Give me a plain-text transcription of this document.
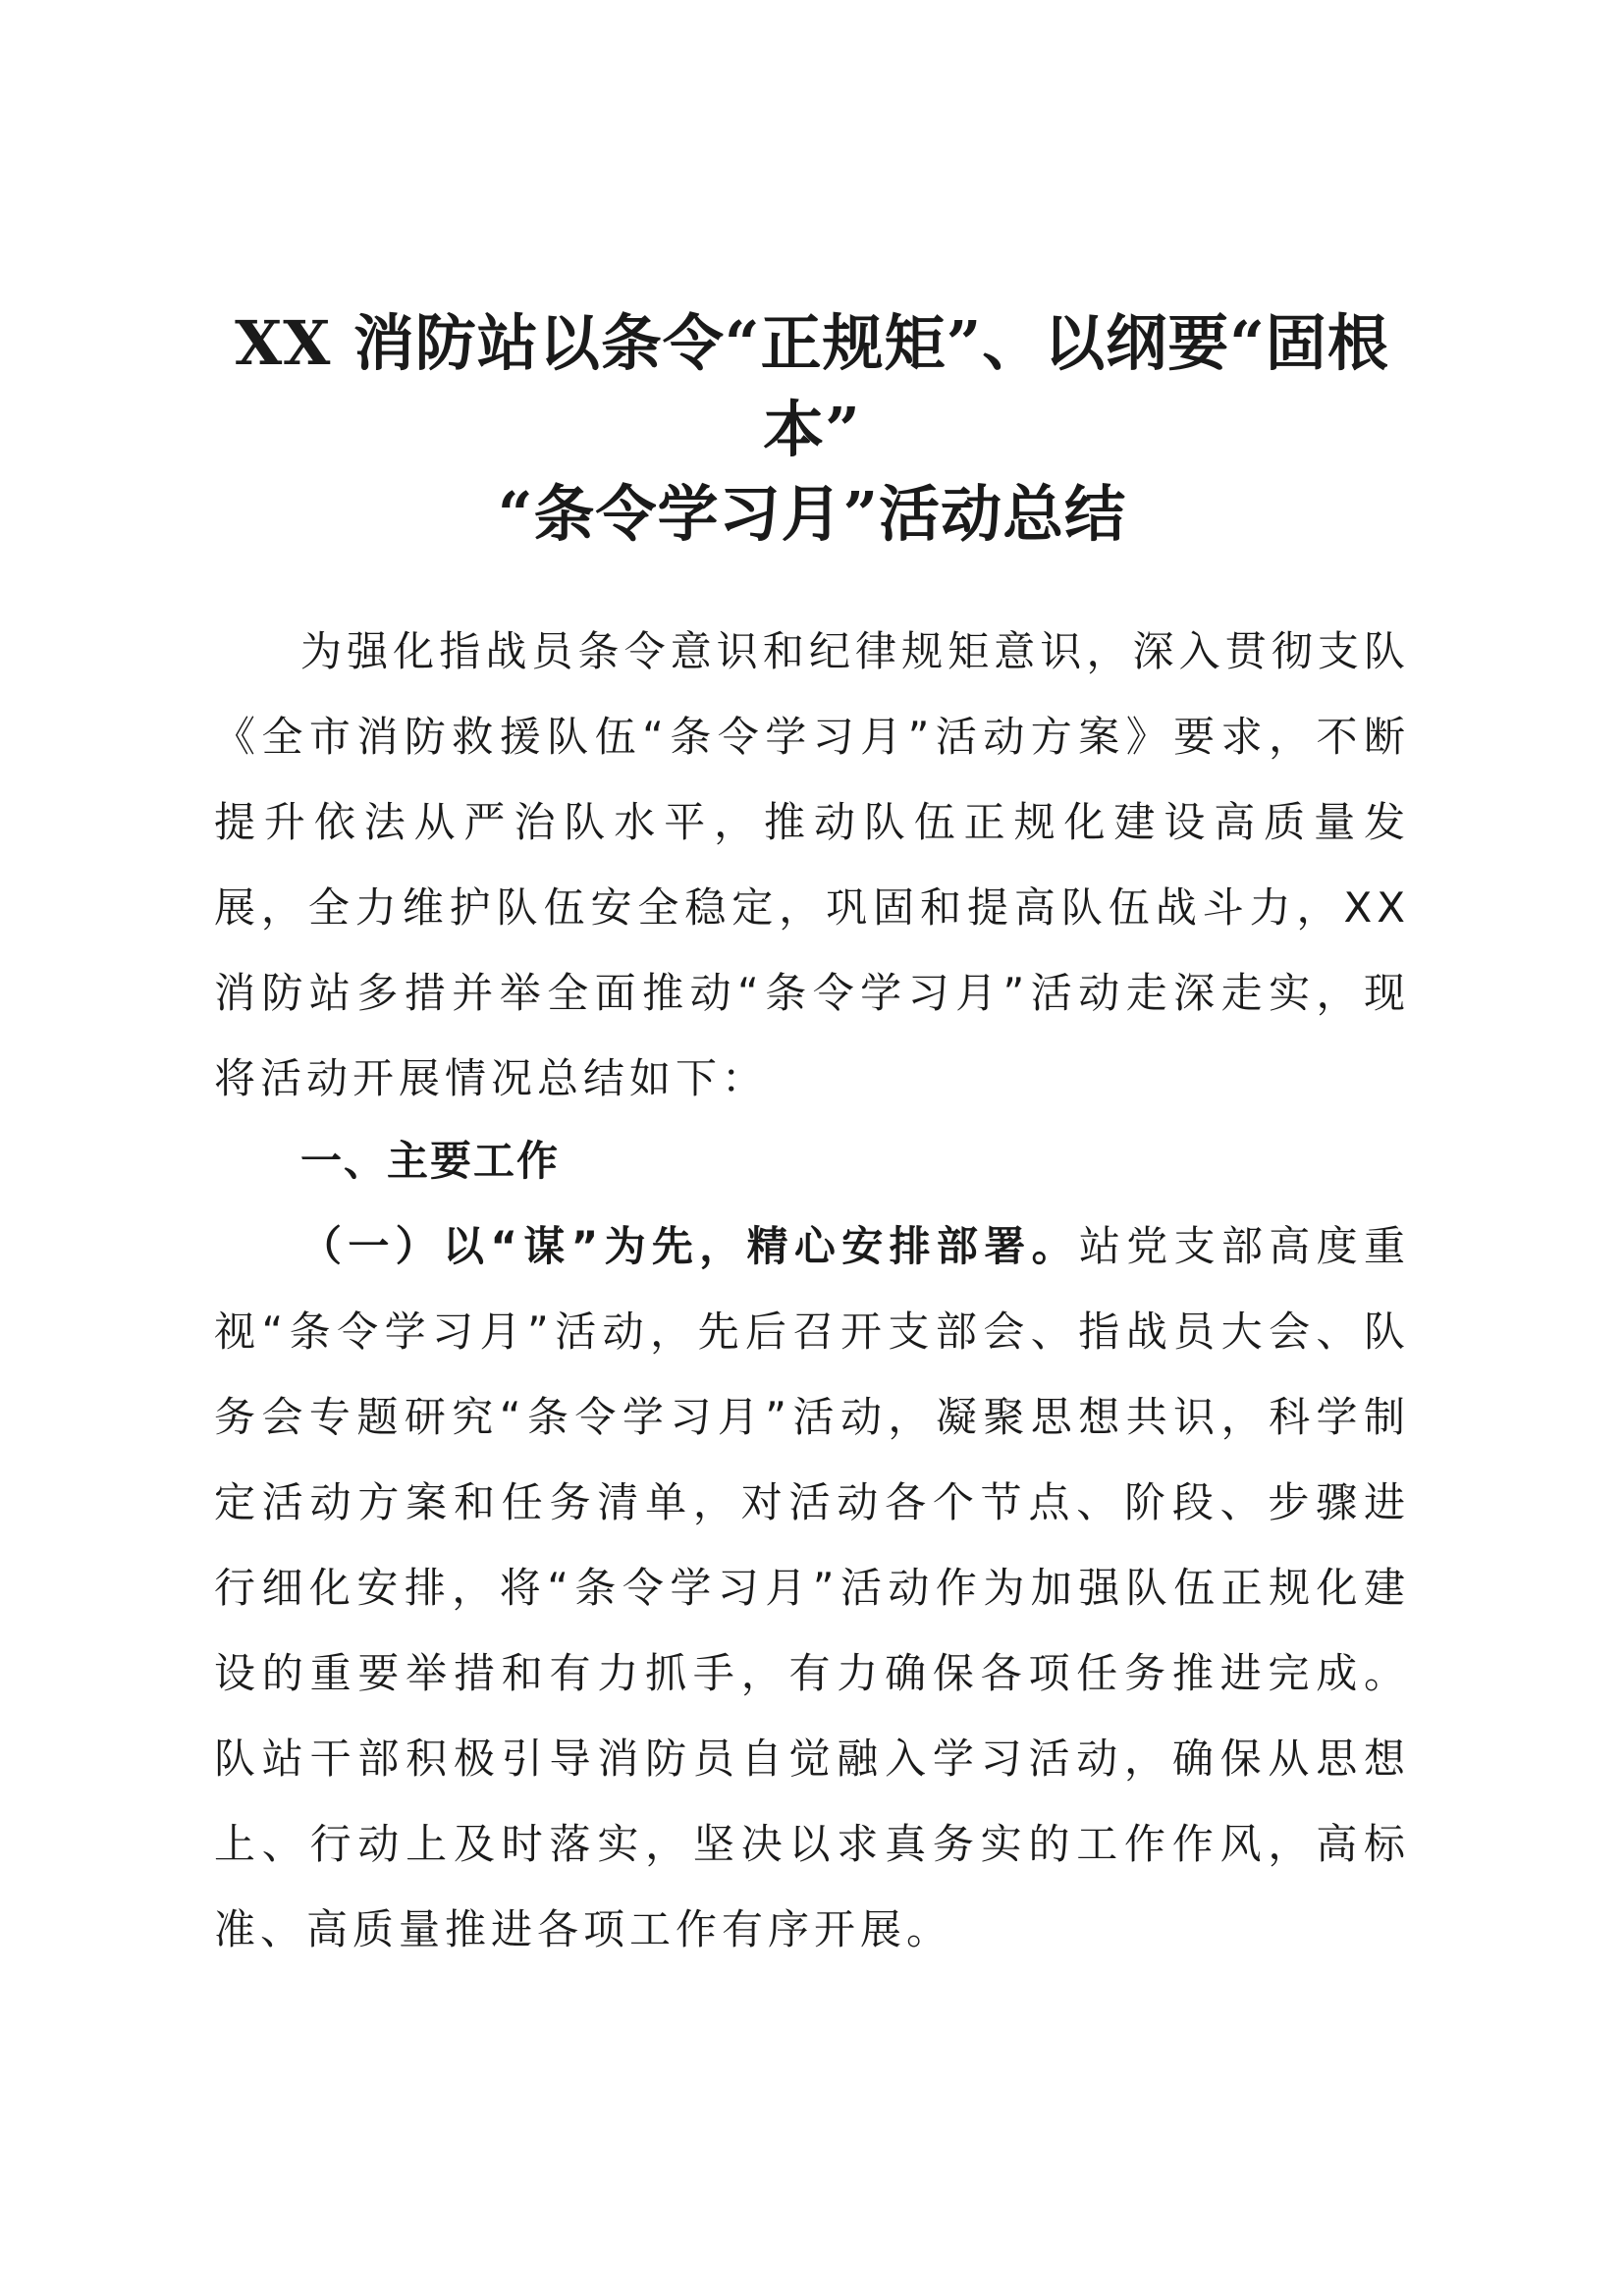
XX 消防站以条令“正规矩”、以纲要“固根本”
“条令学习月”活动总结

为强化指战员条令意识和纪律规矩意识，深入贯彻支队《全市消防救援队伍“条令学习月”活动方案》要求，不断提升依法从严治队水平，推动队伍正规化建设高质量发展，全力维护队伍安全稳定，巩固和提高队伍战斗力，XX 消防站多措并举全面推动“条令学习月”活动走深走实，现将活动开展情况总结如下：

一、主要工作

（一）以“谋”为先，精心安排部署。站党支部高度重视“条令学习月”活动，先后召开支部会、指战员大会、队务会专题研究“条令学习月”活动，凝聚思想共识，科学制定活动方案和任务清单，对活动各个节点、阶段、步骤进行细化安排，将“条令学习月”活动作为加强队伍正规化建设的重要举措和有力抓手，有力确保各项任务推进完成。队站干部积极引导消防员自觉融入学习活动，确保从思想上、行动上及时落实，坚决以求真务实的工作作风，高标准、高质量推进各项工作有序开展。
